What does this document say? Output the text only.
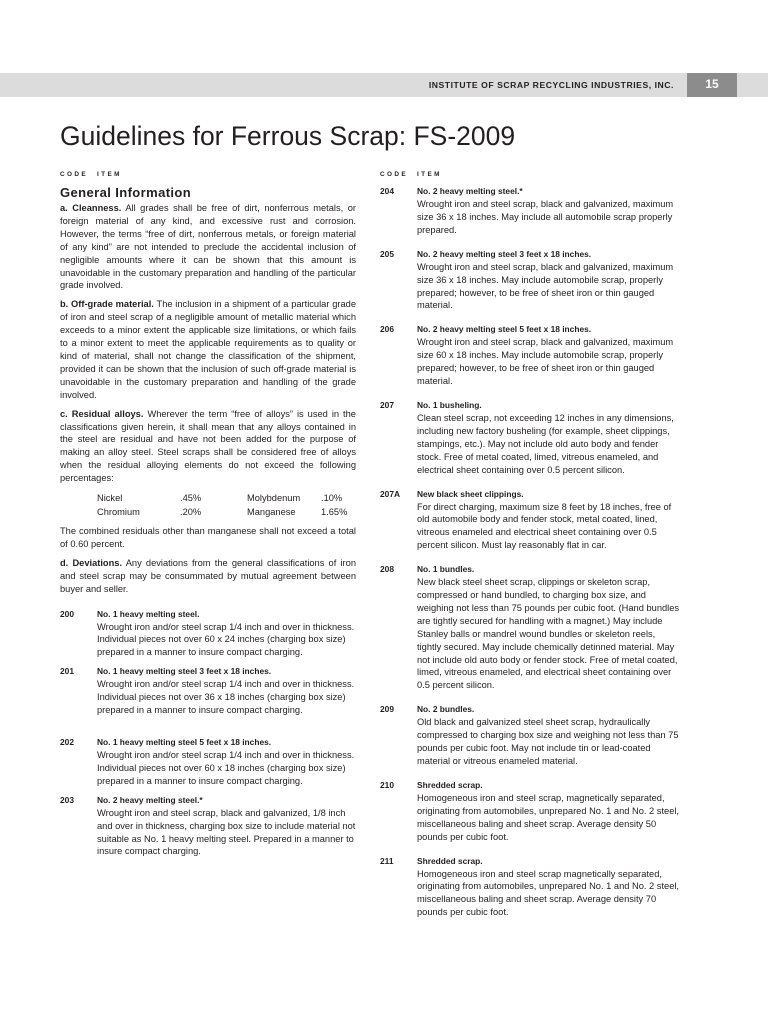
INSTITUTE OF SCRAP RECYCLING INDUSTRIES, INC.	15
Guidelines for Ferrous Scrap: FS-2009
CODE ITEM
General Information

a. Cleanness. All grades shall be free of dirt, nonferrous metals, or foreign material of any kind, and excessive rust and corrosion. However, the terms “free of dirt, nonferrous metals, or foreign material of any kind” are not intended to preclude the accidental inclusion of negligible amounts where it can be shown that this amount is unavoidable in the customary preparation and handling of the particular grade involved.

b. Off-grade material. The inclusion in a shipment of a particular grade of iron and steel scrap of a negligible amount of metallic material which exceeds to a minor extent the applicable size limitations, or which fails to a minor extent to meet the applicable requirements as to quality or kind of material, shall not change the classification of the shipment, provided it can be shown that the inclusion of such off-grade material is unavoidable in the customary preparation and handling of the grade involved.

c. Residual alloys. Wherever the term “free of alloys” is used in the classifications given herein, it shall mean that any alloys contained in the steel are residual and have not been added for the purpose of making an alloy steel. Steel scraps shall be considered free of alloys when the residual alloying elements do not exceed the following percentages:

Nickel	.45%	Molybdenum .10%
Chromium	.20%	Manganese	1.65%

The combined residuals other than manganese shall not exceed a total of 0.60 percent.

d. Deviations. Any deviations from the general classifications of iron and steel scrap may be consummated by mutual agreement between buyer and seller.

200	No. 1 heavy melting steel.
Wrought iron and/or steel scrap 1/4 inch and over in thickness. Individual pieces not over 60 x 24 inches (charging box size) prepared in a manner to insure compact charging.
201	No. 1 heavy melting steel 3 feet x 18 inches.
Wrought iron and/or steel scrap 1/4 inch and over in thickness. Individual pieces not over 36 x 18 inches (charging box size) prepared in a manner to insure compact charging.
202	No. 1 heavy melting steel 5 feet x 18 inches.
Wrought iron and/or steel scrap 1/4 inch and over in thickness. Individual pieces not over 60 x 18 inches (charging box size) prepared in a manner to insure compact charging.
203	No. 2 heavy melting steel.*
Wrought iron and steel scrap, black and galvanized, 1/8 inch and over in thickness, charging box size to include material not suitable as No. 1 heavy melting steel. Prepared in a manner to insure compact charging.
CODE ITEM
204	No. 2 heavy melting steel.*
Wrought iron and steel scrap, black and galvanized, maximum size 36 x 18 inches. May include all automobile scrap properly prepared.
205	No. 2 heavy melting steel 3 feet x 18 inches.
Wrought iron and steel scrap, black and galvanized, maximum size 36 x 18 inches. May include automobile scrap, properly prepared; however, to be free of sheet iron or thin gauged material.
206	No. 2 heavy melting steel 5 feet x 18 inches.
Wrought iron and steel scrap, black and galvanized, maximum size 60 x 18 inches. May include automobile scrap, properly prepared; however, to be free of sheet iron or thin gauged material.
207	No. 1 busheling.
Clean steel scrap, not exceeding 12 inches in any dimensions, including new factory busheling (for example, sheet clippings, stampings, etc.). May not include old auto body and fender stock. Free of metal coated, limed, vitreous enameled, and electrical sheet containing over 0.5 percent silicon.
207A New black sheet clippings.
For direct charging, maximum size 8 feet by 18 inches, free of old automobile body and fender stock, metal coated, lined, vitreous enameled and electrical sheet containing over 0.5 percent silicon. Must lay reasonably flat in car.
208	No. 1 bundles.
New black steel sheet scrap, clippings or skeleton scrap, compressed or hand bundled, to charging box size, and weighing not less than 75 pounds per cubic foot. (Hand bundles are tightly secured for handling with a magnet.) May include Stanley balls or mandrel wound bundles or skeleton reels, tightly secured. May include chemically detinned material. May not include old auto body or fender stock. Free of metal coated, limed, vitreous enameled, and electrical sheet containing over 0.5 percent silicon.
209	No. 2 bundles.
Old black and galvanized steel sheet scrap, hydraulically compressed to charging box size and weighing not less than 75 pounds per cubic foot. May not include tin or lead-coated material or vitreous enameled material.
210	Shredded scrap.
Homogeneous iron and steel scrap, magnetically separated, originating from automobiles, unprepared No. 1 and No. 2 steel, miscellaneous baling and sheet scrap. Average density 50 pounds per cubic foot.
211	Shredded scrap.
Homogeneous iron and steel scrap magnetically separated, originating from automobiles, unprepared No. 1 and No. 2 steel, miscellaneous baling and sheet scrap. Average density 70 pounds per cubic foot.
